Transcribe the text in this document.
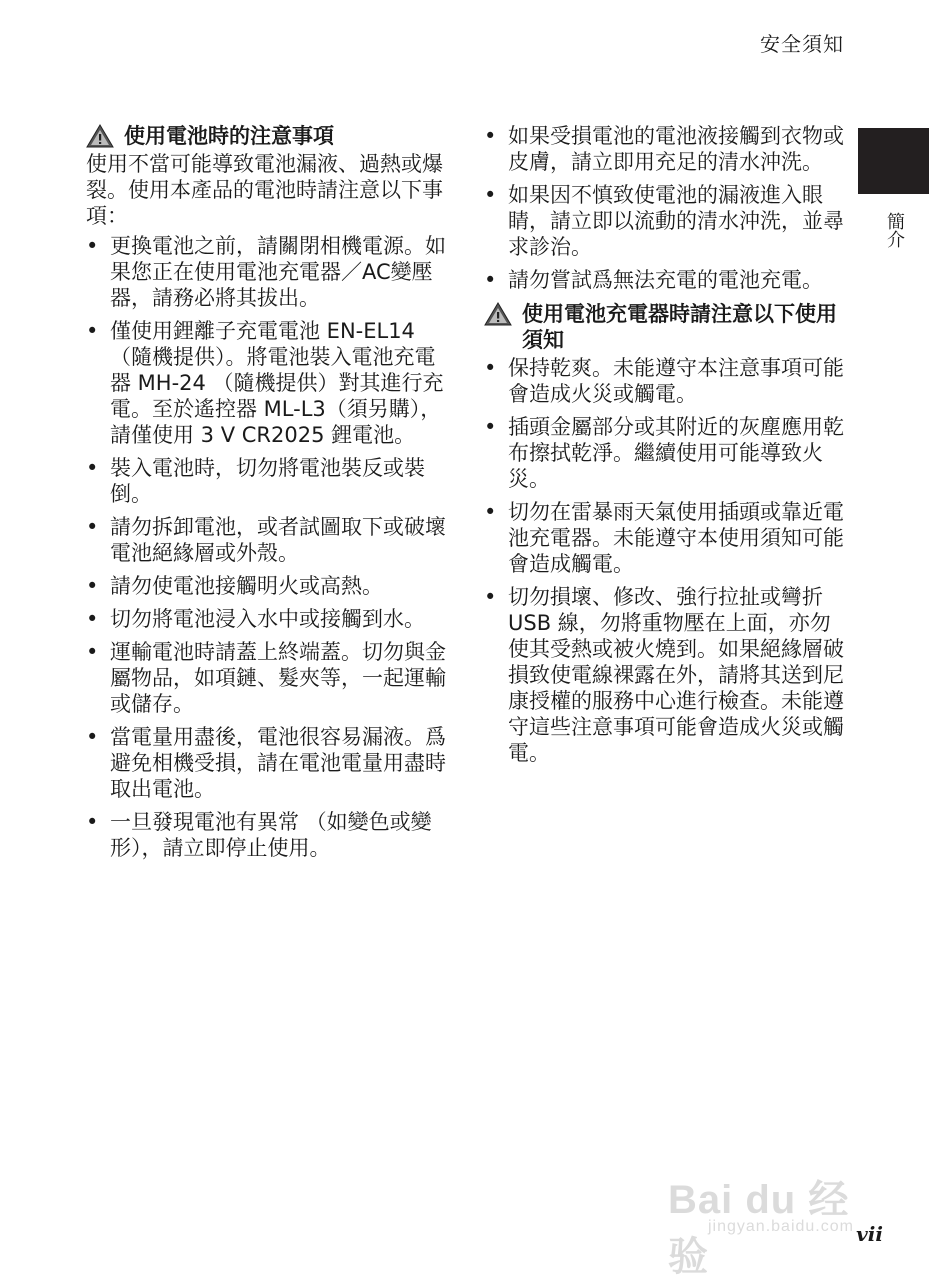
安全須知
簡介
使用電池時的注意事項

使用不當可能導致電池漏液、過熱或爆裂。使用本產品的電池時請注意以下事項：

• 更換電池之前，請關閉相機電源。如果您正在使用電池充電器／AC變壓器，請務必將其拔出。
• 僅使用鋰離子充電電池 EN-EL14（隨機提供）。將電池裝入電池充電器 MH-24 （隨機提供）對其進行充電。至於遙控器 ML-L3（須另購），請僅使用 3 V CR2025 鋰電池。
• 裝入電池時，切勿將電池裝反或裝倒。
• 請勿拆卸電池，或者試圖取下或破壞電池絕緣層或外殼。
• 請勿使電池接觸明火或高熱。
• 切勿將電池浸入水中或接觸到水。
• 運輸電池時請蓋上終端蓋。切勿與金屬物品，如項鏈、髮夾等，一起運輸或儲存。
• 當電量用盡後，電池很容易漏液。爲避免相機受損，請在電池電量用盡時取出電池。
• 一旦發現電池有異常 （如變色或變形），請立即停止使用。
• 如果受損電池的電池液接觸到衣物或皮膚，請立即用充足的清水沖洗。
• 如果因不慎致使電池的漏液進入眼睛，請立即以流動的清水沖洗，並尋求診治。
• 請勿嘗試爲無法充電的電池充電。
使用電池充電器時請注意以下使用須知
• 保持乾爽。未能遵守本注意事項可能會造成火災或觸電。
• 插頭金屬部分或其附近的灰塵應用乾布擦拭乾淨。繼續使用可能導致火災。
• 切勿在雷暴雨天氣使用插頭或靠近電池充電器。未能遵守本使用須知可能會造成觸電。
• 切勿損壞、修改、強行拉扯或彎折 USB 線，勿將重物壓在上面，亦勿使其受熱或被火燒到。如果絕緣層破損致使電線裸露在外，請將其送到尼康授權的服務中心進行檢查。未能遵守這些注意事項可能會造成火災或觸電。
Bai du 经验
jingyan.baidu.com vii
